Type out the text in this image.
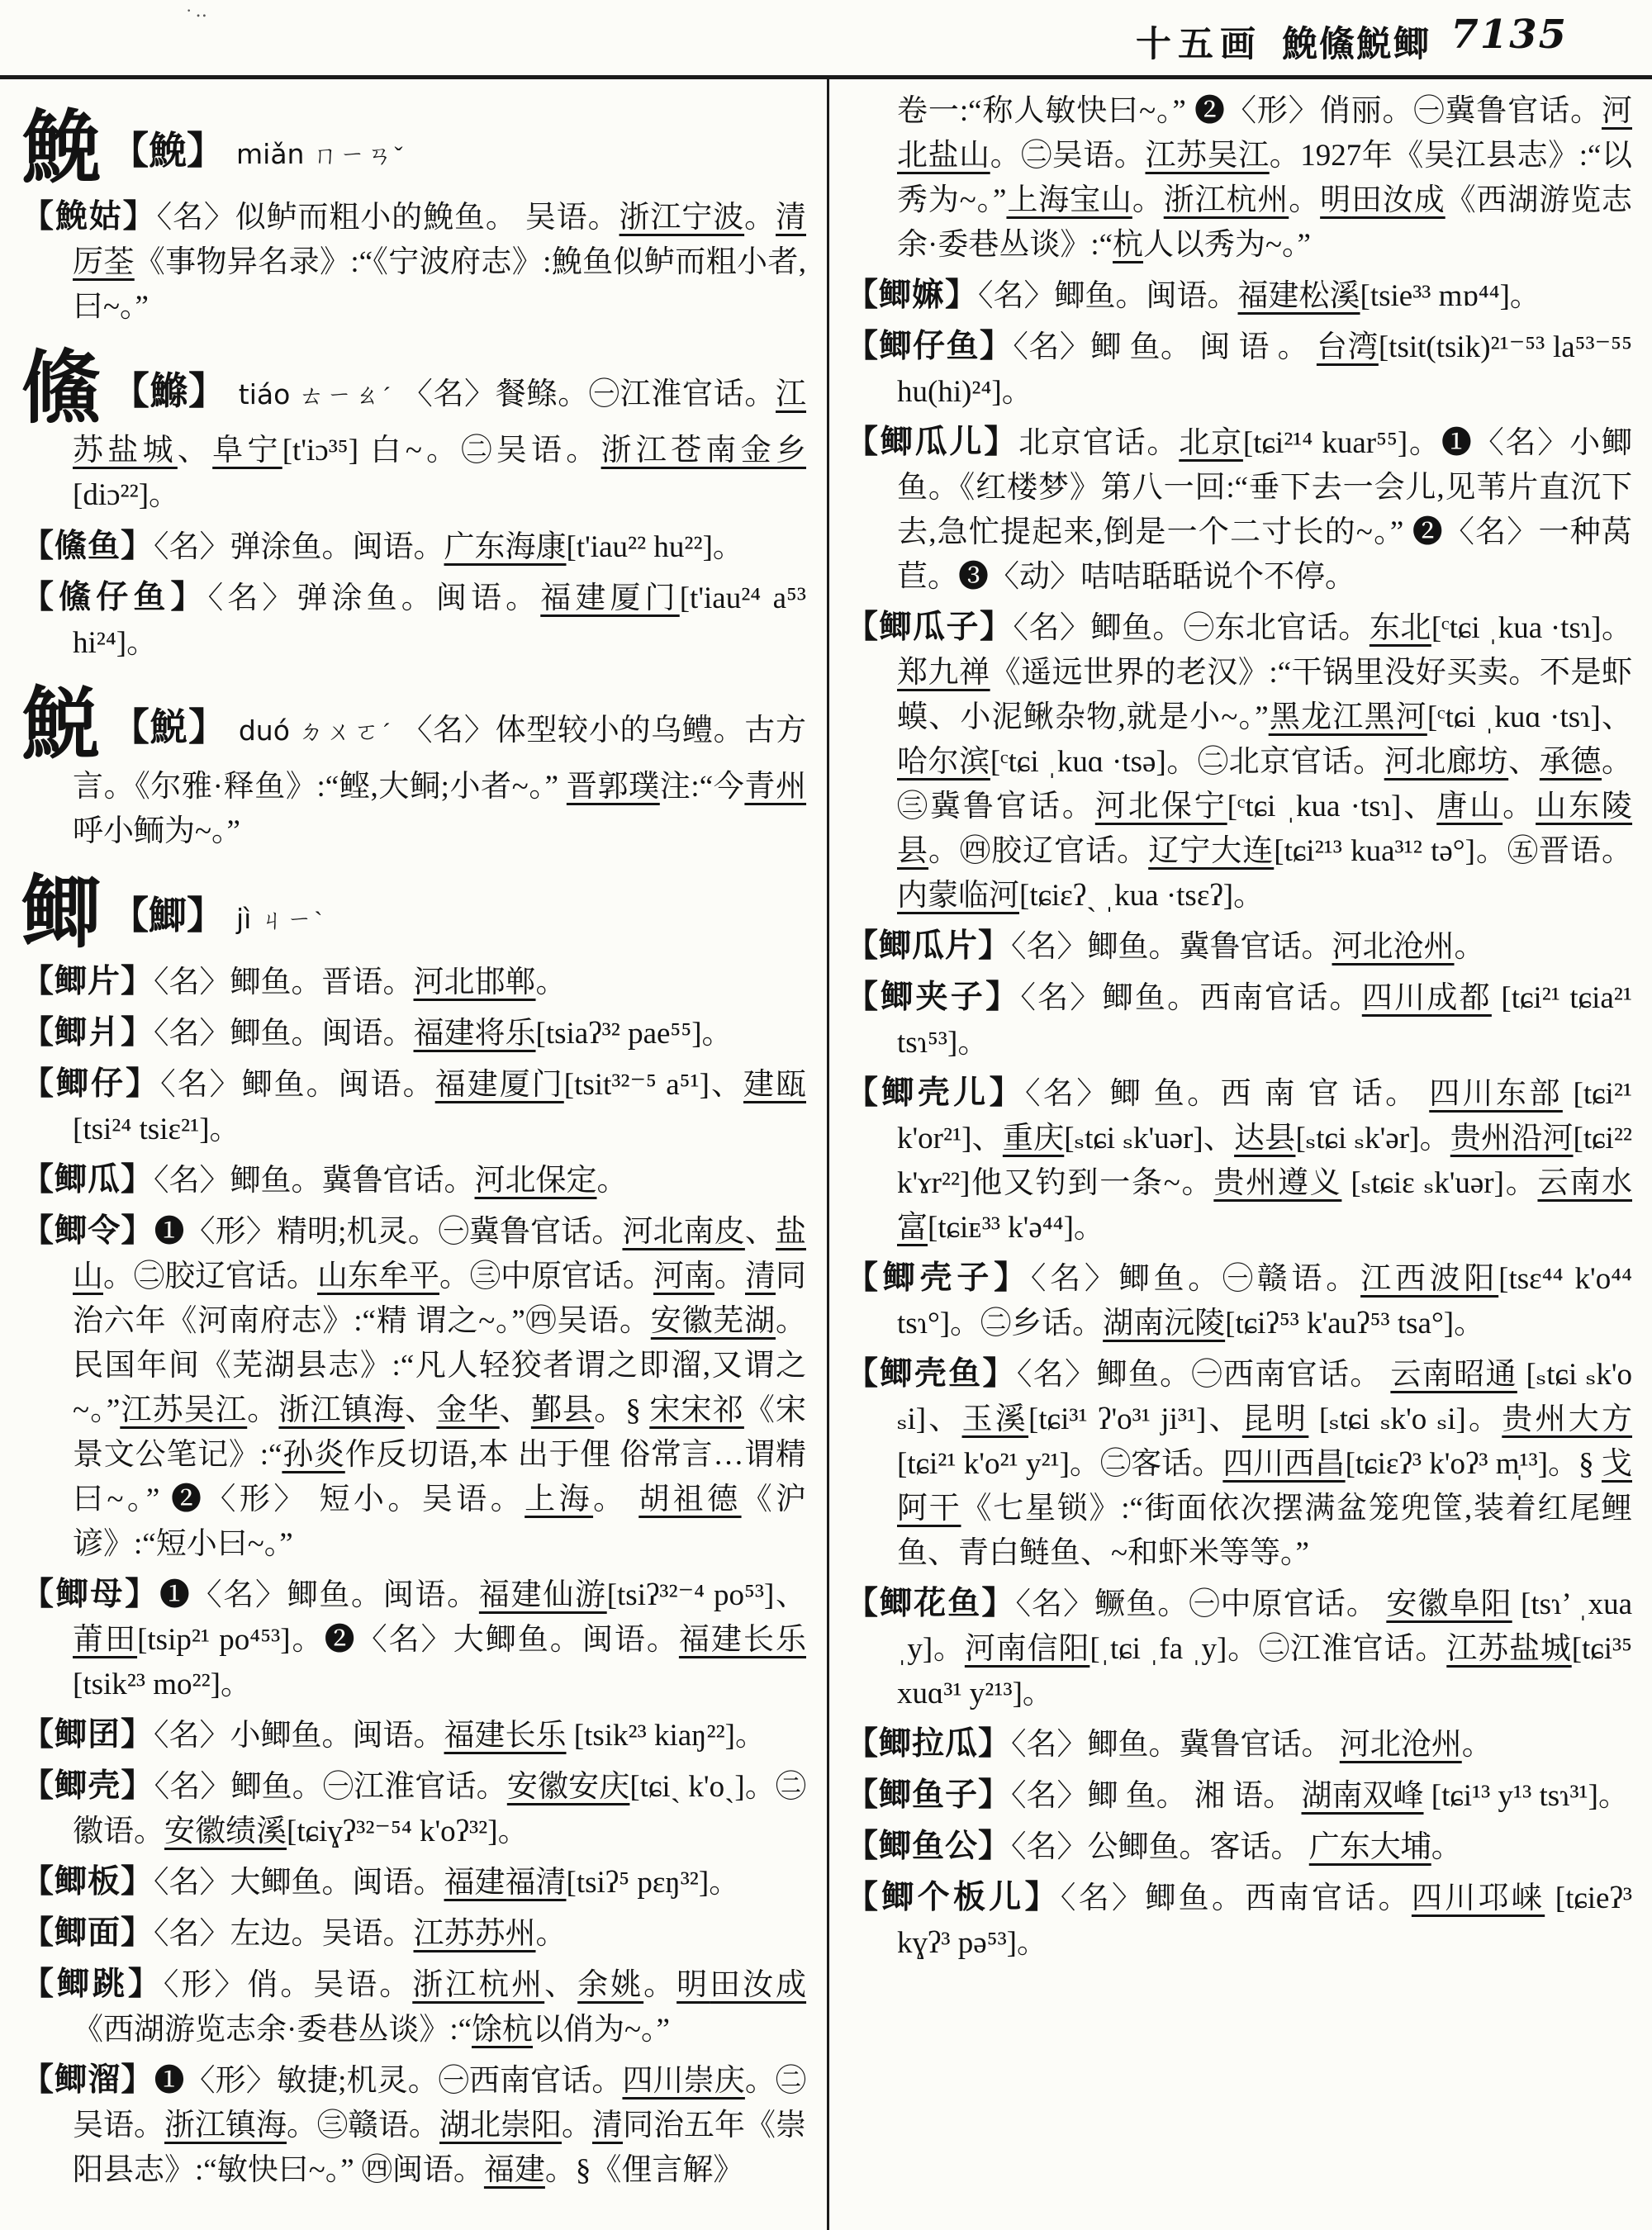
·‥
十五画 鮸鯈鮵鲫 7135
鮸 【鮸】 miǎn ㄇㄧㄢˇ

【鮸姑】〈名〉似鲈而粗小的鮸鱼。 吴语。浙江宁波。清厉荃《事物异名录》:“《宁波府志》:鮸鱼似鲈而粗小者,曰~。”

鯈 【鰷】 tiáo ㄊㄧㄠˊ 〈名〉餐鲦。㊀江淮官话。江苏盐城、阜宁[t'iɔ³⁵] 白~。㊁吴语。浙江苍南金乡[diɔ²²]。

【鯈鱼】〈名〉弹涂鱼。闽语。广东海康[t'iau²² hu²²]。

【鯈仔鱼】〈名〉弹涂鱼。闽语。福建厦门[t'iau²⁴ a⁵³ hi²⁴]。

鮵 【鮵】 duó ㄉㄨㄛˊ 〈名〉体型较小的乌鳢。古方言。《尔雅·释鱼》:“鲣,大鲖;小者~。” 晋郭璞注:“今青州呼小鲕为~。”
鲫 【鯽】 jì ㄐㄧˋ

【鲫片】〈名〉鲫鱼。晋语。河北邯郸。

【鲫爿】〈名〉鲫鱼。闽语。福建将乐[tsiaʔ³² pae⁵⁵]。

【鲫仔】〈名〉鲫鱼。闽语。福建厦门[tsit³²⁻⁵ a⁵¹]、建瓯[tsi²⁴ tsiɛ²¹]。

【鲫瓜】〈名〉鲫鱼。冀鲁官话。河北保定。

【鲫令】❶〈形〉精明;机灵。㊀冀鲁官话。河北南皮、盐山。㊁胶辽官话。山东牟平。㊂中原官话。河南。清同治六年《河南府志》:“精 谓之~。”㊃吴语。安徽芜湖。民国年间《芜湖县志》:“凡人轻狡者谓之即溜,又谓之~。”江苏吴江。浙江镇海、金华、鄞县。§ 宋宋祁《宋景文公笔记》:“孙炎作反切语,本 出于俚 俗常言…谓精曰~。” ❷〈形〉 短小。吴语。上海。 胡祖德《沪谚》:“短小曰~。”

【鲫母】❶〈名〉鲫鱼。闽语。福建仙游[tsiʔ³²⁻⁴ po⁵³]、莆田[tsip²¹ po⁴⁵³]。❷〈名〉大鲫鱼。闽语。福建长乐 [tsik²³ mo²²]。

【鲫囝】〈名〉小鲫鱼。闽语。福建长乐 [tsik²³ kiaŋ²²]。

【鲫壳】〈名〉鲫鱼。㊀江淮官话。安徽安庆[tɕiˏ k'oˏ]。㊁徽语。安徽绩溪[tɕiɣʔ³²⁻⁵⁴ k'oʔ³²]。

【鲫板】〈名〉大鲫鱼。闽语。福建福清[tsiʔ⁵ pɛŋ³²]。

【鲫面】〈名〉左边。吴语。江苏苏州。

【鲫跳】〈形〉俏。吴语。浙江杭州、余姚。明田汝成《西湖游览志余·委巷丛谈》:“馀杭以俏为~。”

【鲫溜】❶〈形〉敏捷;机灵。㊀西南官话。四川崇庆。㊁吴语。浙江镇海。㊂赣语。湖北崇阳。清同治五年《崇阳县志》:“敏快曰~。” ㊃闽语。福建。§《俚言解》

卷一:“称人敏快曰~。” ❷〈形〉俏丽。㊀冀鲁官话。河北盐山。㊁吴语。江苏吴江。1927年《吴江县志》:“以秀为~。”上海宝山。浙江杭州。明田汝成《西湖游览志余·委巷丛谈》:“杭人以秀为~。”

【鲫嫲】〈名〉鲫鱼。闽语。福建松溪[tsie³³ mɒ⁴⁴]。

【鲫仔鱼】〈名〉鲫 鱼。 闽 语 。 台湾[tsit(tsik)²¹⁻⁵³ la⁵³⁻⁵⁵ hu(hi)²⁴]。

【鲫瓜儿】北京官话。北京[tɕi²¹⁴ kuar⁵⁵]。❶〈名〉小鲫鱼。《红楼梦》第八一回:“垂下去一会儿,见苇片直沉下去,急忙提起来,倒是一个二寸长的~。” ❷〈名〉一种莴苣。❸〈动〉咭咭聒聒说个不停。

【鲫瓜子】〈名〉鲫鱼。㊀东北官话。东北[ᶜtɕi ˌkua ·tsɿ]。郑九禅《遥远世界的老汉》:“干锅里没好买卖。不是虾蟆、小泥鳅杂物,就是小~。”黑龙江黑河[ᶜtɕi ˌkuɑ ·tsɿ]、哈尔滨[ᶜtɕi ˌkuɑ ·tsə]。㊁北京官话。河北廊坊、承德。㊂冀鲁官话。河北保宁[ᶜtɕi ˌkua ·tsɿ]、唐山。山东陵县。㊃胶辽官话。辽宁大连[tɕi²¹³ kua³¹² tə°]。㊄晋语。内蒙临河[tɕiɛʔˏ ˌkua ·tsɛʔ]。

【鲫瓜片】〈名〉鲫鱼。冀鲁官话。河北沧州。

【鲫夹子】〈名〉鲫鱼。西南官话。四川成都 [tɕi²¹ tɕia²¹ tsɿ⁵³]。

【鲫壳儿】〈名〉鲫 鱼。西 南 官 话。 四川东部 [tɕi²¹ k'or²¹]、重庆[ₛtɕi ₛk'uər]、达县[ₛtɕi ₛk'ər]。贵州沿河[tɕi²² k'ɤr²²]他又钓到一条~。贵州遵义 [ₛtɕiɛ ₛk'uər]。云南水富[tɕiᴇ³³ k'ə⁴⁴]。

【鲫壳子】〈名〉鲫鱼。㊀赣语。江西波阳[tsɛ⁴⁴ k'o⁴⁴ tsɿ°]。㊁乡话。湖南沅陵[tɕiʔ⁵³ k'auʔ⁵³ tsa°]。

【鲫壳鱼】〈名〉鲫鱼。㊀西南官话。 云南昭通 [ₛtɕi ₛk'o ₛi]、玉溪[tɕi³¹ ʔ'o³¹ ji³¹]、昆明 [ₛtɕi ₛk'o ₛi]。贵州大方[tɕi²¹ k'o²¹ y²¹]。㊁客话。四川西昌[tɕiɛʔ³ k'oʔ³ m̩¹³]。§ 戈阿干《七星锁》:“街面依次摆满盆笼兜筐,装着红尾鲤鱼、青白鲢鱼、~和虾米等等。”

【鲫花鱼】〈名〉鳜鱼。㊀中原官话。 安徽阜阳 [tsɿ’ ˌxua ˌy]。河南信阳[ˌtɕi ˌfa ˌy]。㊁江淮官话。江苏盐城[tɕi³⁵ xuɑ³¹ y²¹³]。

【鲫拉瓜】〈名〉鲫鱼。冀鲁官话。 河北沧州。

【鲫鱼子】〈名〉鲫 鱼。 湘 语。 湖南双峰 [tɕi¹³ y¹³ tsɿ³¹]。

【鲫鱼公】〈名〉公鲫鱼。客话。 广东大埔。

【鲫个板儿】〈名〉鲫鱼。西南官话。四川邛崃 [tɕieʔ³ kɣʔ³ pə⁵³]。
